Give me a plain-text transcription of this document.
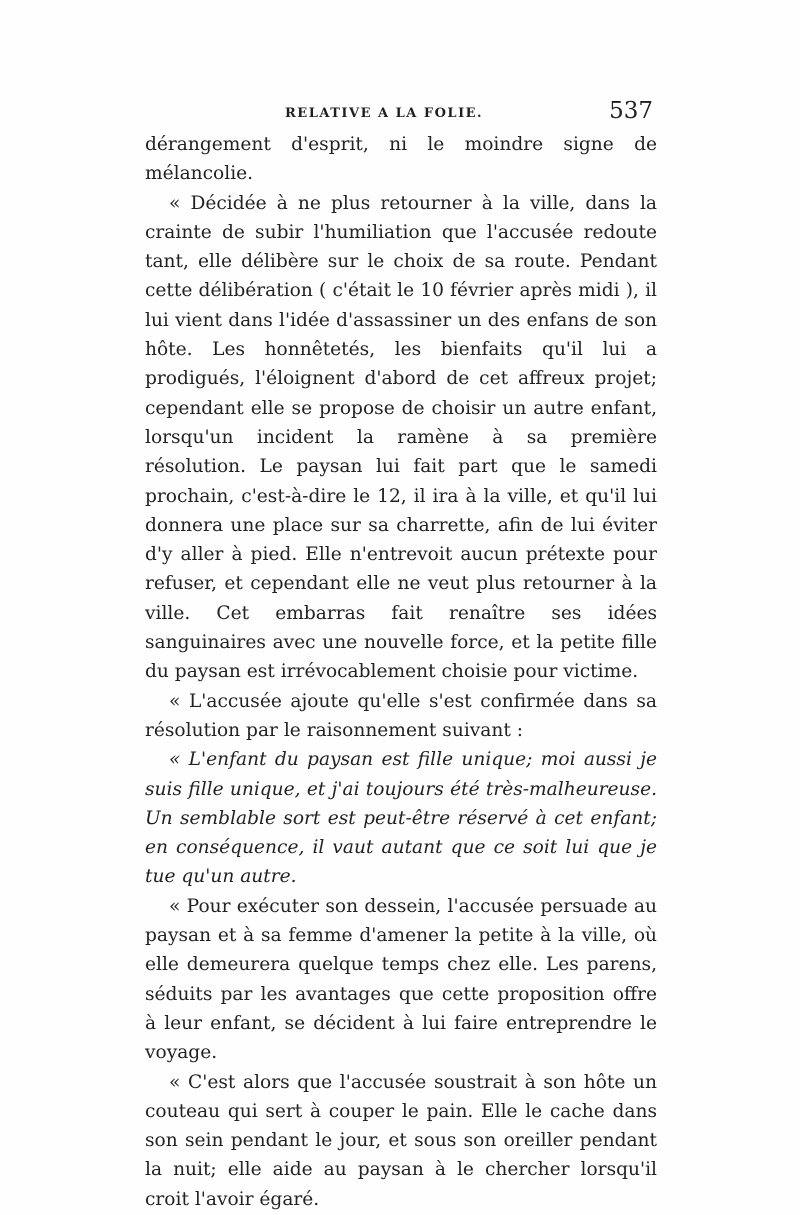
RELATIVE A LA FOLIE.	537

dérangement d'esprit, ni le moindre signe de mélancolie.

« Décidée à ne plus retourner à la ville, dans la crainte de subir l'humiliation que l'accusée redoute tant, elle délibère sur le choix de sa route. Pendant cette délibération ( c'était le 10 février après midi ), il lui vient dans l'idée d'assassiner un des enfans de son hôte. Les honnêtetés, les bienfaits qu'il lui a prodigués, l'éloignent d'abord de cet affreux projet; cependant elle se propose de choisir un autre enfant, lorsqu'un incident la ramène à sa première résolution. Le paysan lui fait part que le samedi prochain, c'est-à-dire le 12, il ira à la ville, et qu'il lui donnera une place sur sa charrette, afin de lui éviter d'y aller à pied. Elle n'entrevoit aucun prétexte pour refuser, et cependant elle ne veut plus retourner à la ville. Cet embarras fait renaître ses idées sanguinaires avec une nouvelle force, et la petite fille du paysan est irrévocablement choisie pour victime.

« L'accusée ajoute qu'elle s'est confirmée dans sa résolution par le raisonnement suivant :

« L'enfant du paysan est fille unique; moi aussi je suis fille unique, et j'ai toujours été très-malheureuse. Un semblable sort est peut-être réservé à cet enfant; en conséquence, il vaut autant que ce soit lui que je tue qu'un autre.

« Pour exécuter son dessein, l'accusée persuade au paysan et à sa femme d'amener la petite à la ville, où elle demeurera quelque temps chez elle. Les parens, séduits par les avantages que cette proposition offre à leur enfant, se décident à lui faire entreprendre le voyage.

« C'est alors que l'accusée soustrait à son hôte un couteau qui sert à couper le pain. Elle le cache dans son sein pendant le jour, et sous son oreiller pendant la nuit; elle aide au paysan à le chercher lorsqu'il croit l'avoir égaré.
